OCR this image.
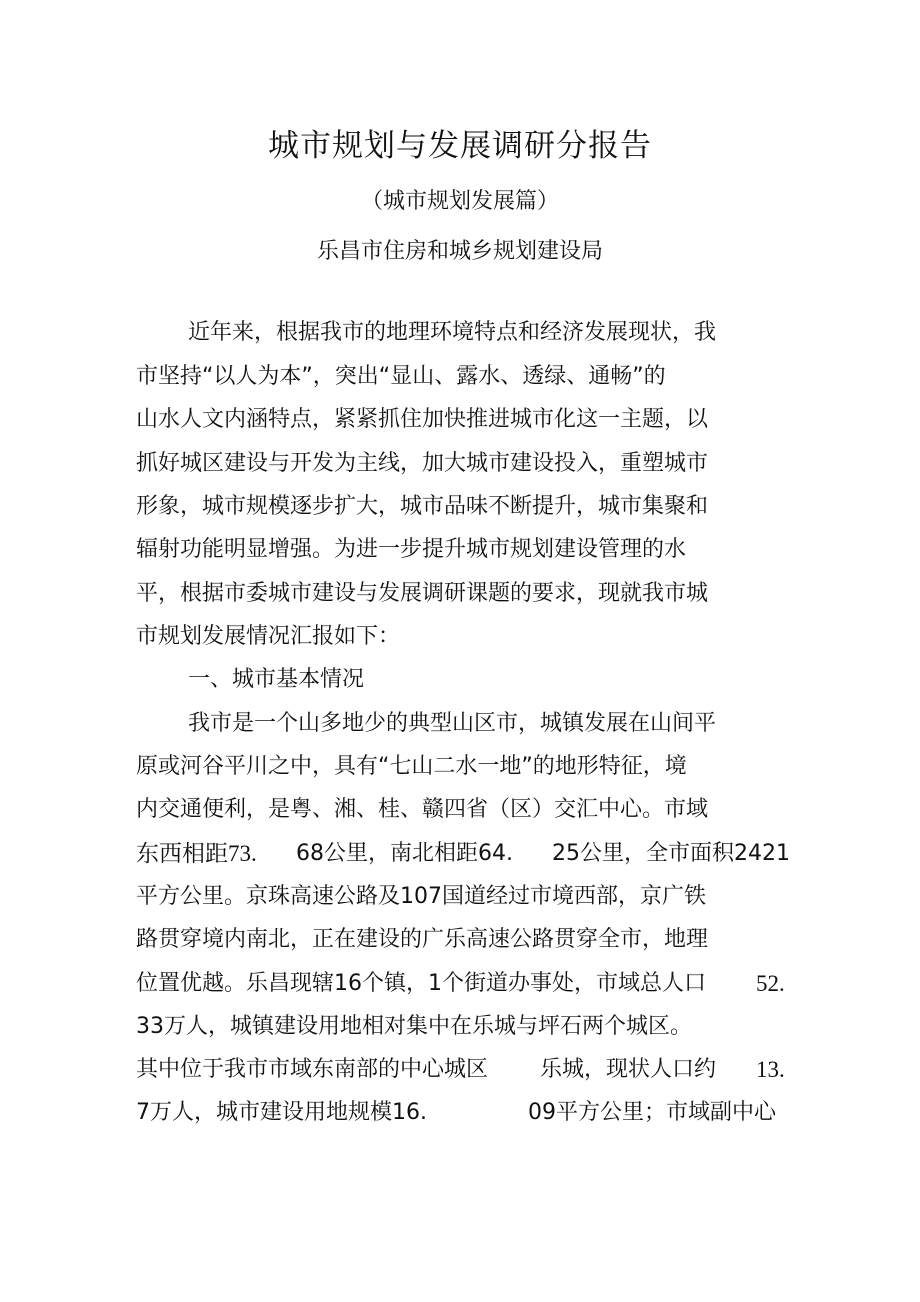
城市规划与发展调研分报告
（城市规划发展篇）
乐昌市住房和城乡规划建设局
近年来，根据我市的地理环境特点和经济发展现状，我
市坚持“以人为本”，突出“显山、露水、透绿、通畅”的
山水人文内涵特点，紧紧抓住加快推进城市化这一主题，以
抓好城区建设与开发为主线，加大城市建设投入，重塑城市
形象，城市规模逐步扩大，城市品味不断提升，城市集聚和
辐射功能明显增强。为进一步提升城市规划建设管理的水
平，根据市委城市建设与发展调研课题的要求，现就我市城
市规划发展情况汇报如下：
一、城市基本情况
我市是一个山多地少的典型山区市，城镇发展在山间平
原或河谷平川之中，具有“七山二水一地”的地形特征，境
内交通便利，是粤、湘、桂、赣四省（区）交汇中心。市域
东西相距73. 68公里，南北相距64. 25公里，全市面积2421
平方公里。京珠高速公路及107国道经过市境西部，京广铁
路贯穿境内南北，正在建设的广乐高速公路贯穿全市，地理
位置优越。乐昌现辖16个镇，1个街道办事处，市域总人口 52.
33万人，城镇建设用地相对集中在乐城与坪石两个城区。
其中位于我市市域东南部的中心城区 乐城，现状人口约 13.
7万人，城市建设用地规模16.	09平方公里；市域副中心
